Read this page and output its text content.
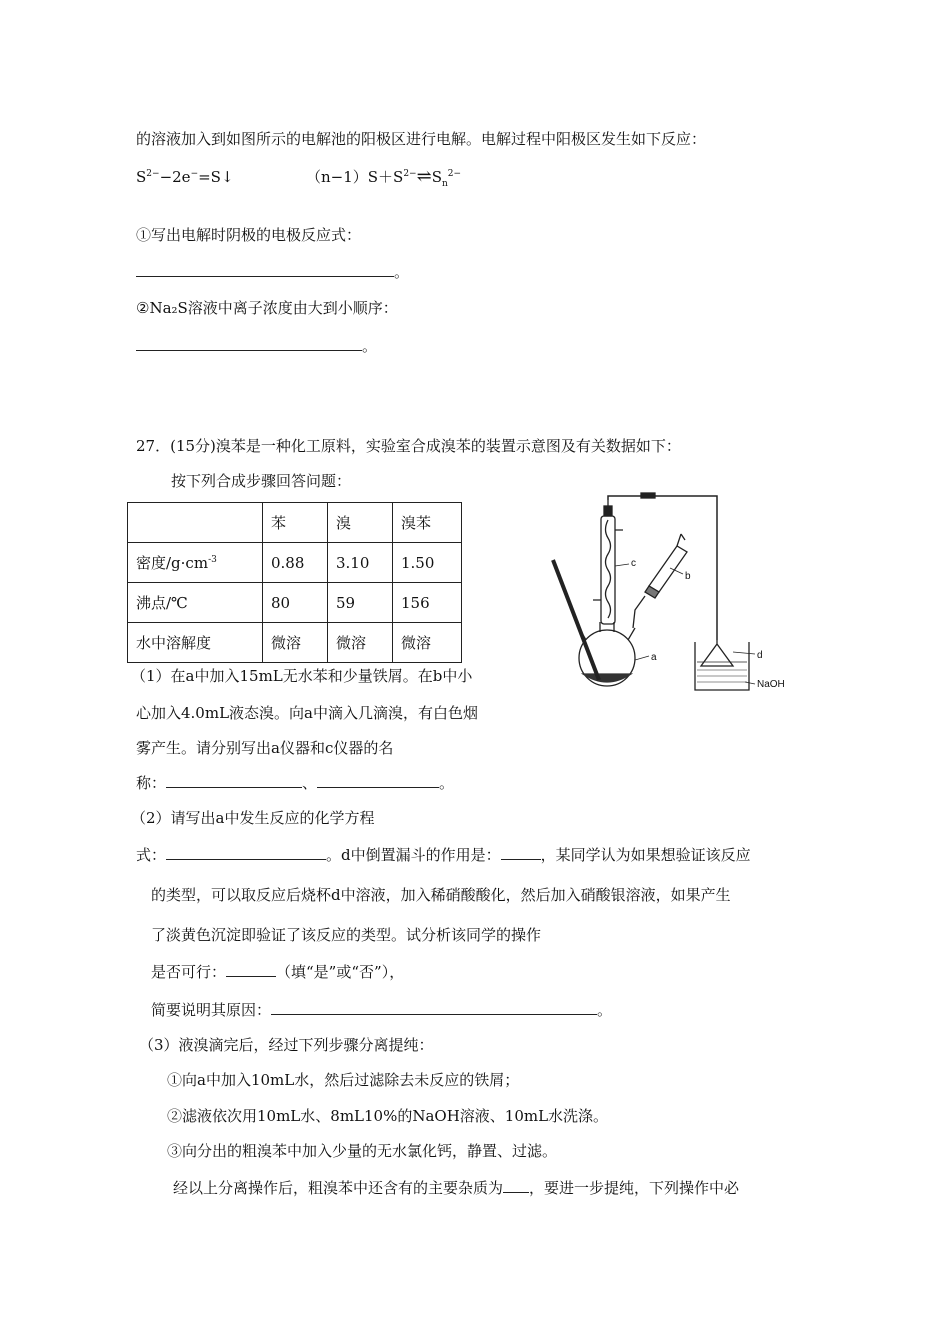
的溶液加入到如图所示的电解池的阳极区进行电解。电解过程中阳极区发生如下反应：
$S^{2-}-2e^-=S↓$	$(n-1)S+S^{2-}\rightleftharpoons S_n^{2-}$
①写出电解时阴极的电极反应式：
。
②Na₂S溶液中离子浓度由大到小顺序：
。
27．(15分)溴苯是一种化工原料，实验室合成溴苯的装置示意图及有关数据如下：
按下列合成步骤回答问题：
	苯	溴	溴苯
密度$/g\cdot cm^{-3}$	0.88	3.10	1.50
沸点/℃	80	59	156
水中溶解度	微溶	微溶	微溶
c
b
a	d
NaOH
（1）在a中加入15mL无水苯和少量铁屑。在b中小
心加入4.0mL液态溴。向a中滴入几滴溴，有白色烟
雾产生。请分别写出a仪器和c仪器的名
称：	、	。
（2）请写出a中发生反应的化学方程
式：	。d中倒置漏斗的作用是：	，某同学认为如果想验证该反应
的类型，可以取反应后烧杯d中溶液，加入稀硝酸酸化，然后加入硝酸银溶液，如果产生
了淡黄色沉淀即验证了该反应的类型。试分析该同学的操作
是否可行：	（填“是”或“否”），
简要说明其原因：	。
（3）液溴滴完后，经过下列步骤分离提纯：
①向a中加入10mL水，然后过滤除去未反应的铁屑；
②滤液依次用10mL水、8mL10%的NaOH溶液、10mL水洗涤。
③向分出的粗溴苯中加入少量的无水氯化钙，静置、过滤。
经以上分离操作后，粗溴苯中还含有的主要杂质为 ，要进一步提纯，下列操作中必
